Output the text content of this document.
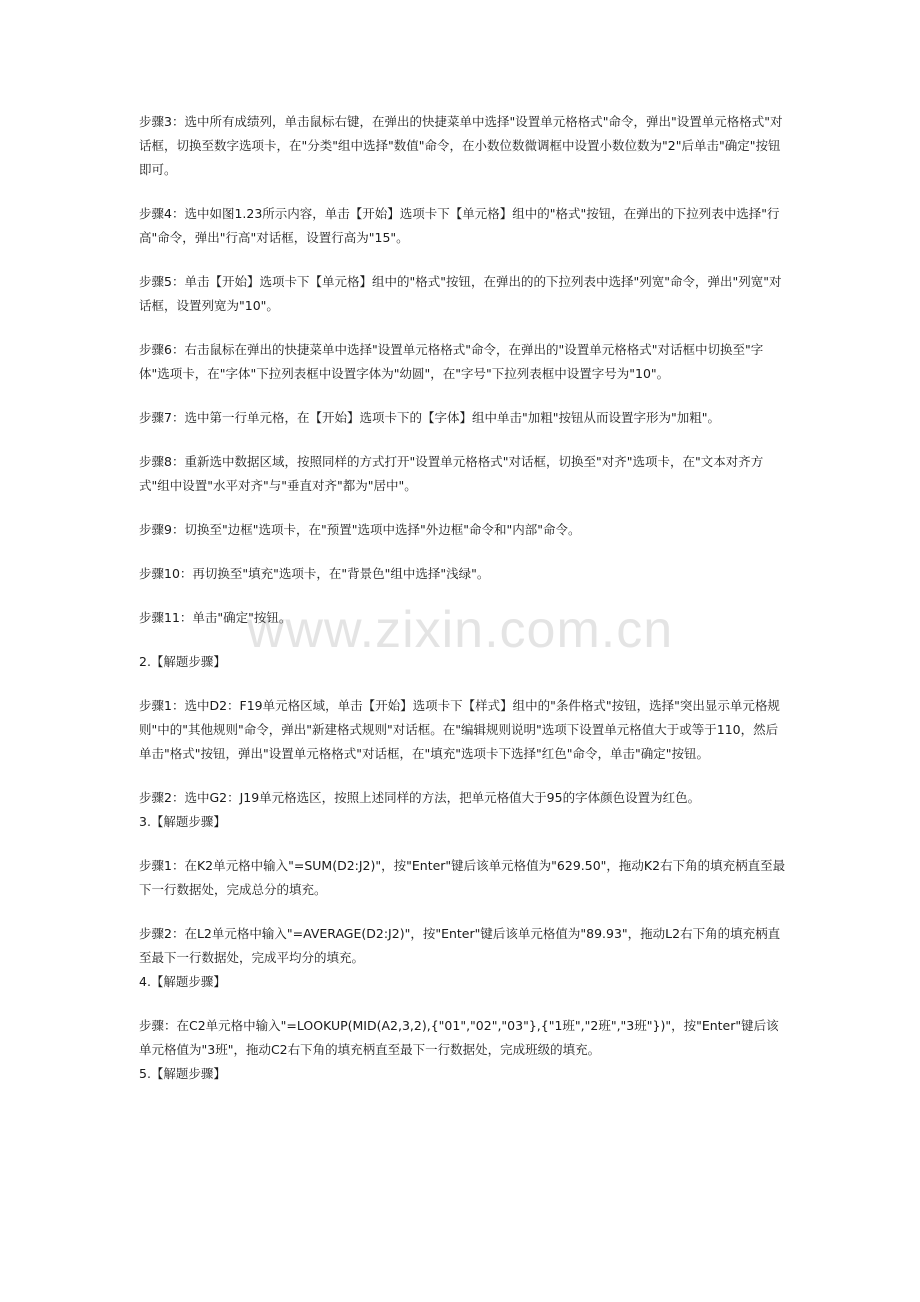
www.zixin.com.cn

步骤3：选中所有成绩列，单击鼠标右键，在弹出的快捷菜单中选择"设置单元格格式"命令，弹出"设置单元格格式"对话框，切换至数字选项卡，在"分类"组中选择"数值"命令，在小数位数微调框中设置小数位数为"2"后单击"确定"按钮即可。

步骤4：选中如图1.23所示内容，单击【开始】选项卡下【单元格】组中的"格式"按钮，在弹出的下拉列表中选择"行高"命令，弹出"行高"对话框，设置行高为"15"。

步骤5：单击【开始】选项卡下【单元格】组中的"格式"按钮，在弹出的的下拉列表中选择"列宽"命令，弹出"列宽"对话框，设置列宽为"10"。

步骤6：右击鼠标在弹出的快捷菜单中选择"设置单元格格式"命令，在弹出的"设置单元格格式"对话框中切换至"字体"选项卡，在"字体"下拉列表框中设置字体为"幼圆"，在"字号"下拉列表框中设置字号为"10"。

步骤7：选中第一行单元格，在【开始】选项卡下的【字体】组中单击"加粗"按钮从而设置字形为"加粗"。

步骤8：重新选中数据区域，按照同样的方式打开"设置单元格格式"对话框，切换至"对齐"选项卡，在"文本对齐方式"组中设置"水平对齐"与"垂直对齐"都为"居中"。

步骤9：切换至"边框"选项卡，在"预置"选项中选择"外边框"命令和"内部"命令。

步骤10：再切换至"填充"选项卡，在"背景色"组中选择"浅绿"。

步骤11：单击"确定"按钮。

2.【解题步骤】

步骤1：选中D2：F19单元格区域，单击【开始】选项卡下【样式】组中的"条件格式"按钮，选择"突出显示单元格规则"中的"其他规则"命令，弹出"新建格式规则"对话框。在"编辑规则说明"选项下设置单元格值大于或等于110，然后单击"格式"按钮，弹出"设置单元格格式"对话框，在"填充"选项卡下选择"红色"命令，单击"确定"按钮。

步骤2：选中G2：J19单元格选区，按照上述同样的方法，把单元格值大于95的字体颜色设置为红色。

3.【解题步骤】

步骤1：在K2单元格中输入"=SUM(D2:J2)"，按"Enter"键后该单元格值为"629.50"，拖动K2右下角的填充柄直至最下一行数据处，完成总分的填充。

步骤2：在L2单元格中输入"=AVERAGE(D2:J2)"，按"Enter"键后该单元格值为"89.93"，拖动L2右下角的填充柄直至最下一行数据处，完成平均分的填充。

4.【解题步骤】

步骤：在C2单元格中输入"=LOOKUP(MID(A2,3,2),{"01","02","03"},{"1班","2班","3班"})"，按"Enter"键后该单元格值为"3班"，拖动C2右下角的填充柄直至最下一行数据处，完成班级的填充。

5.【解题步骤】
